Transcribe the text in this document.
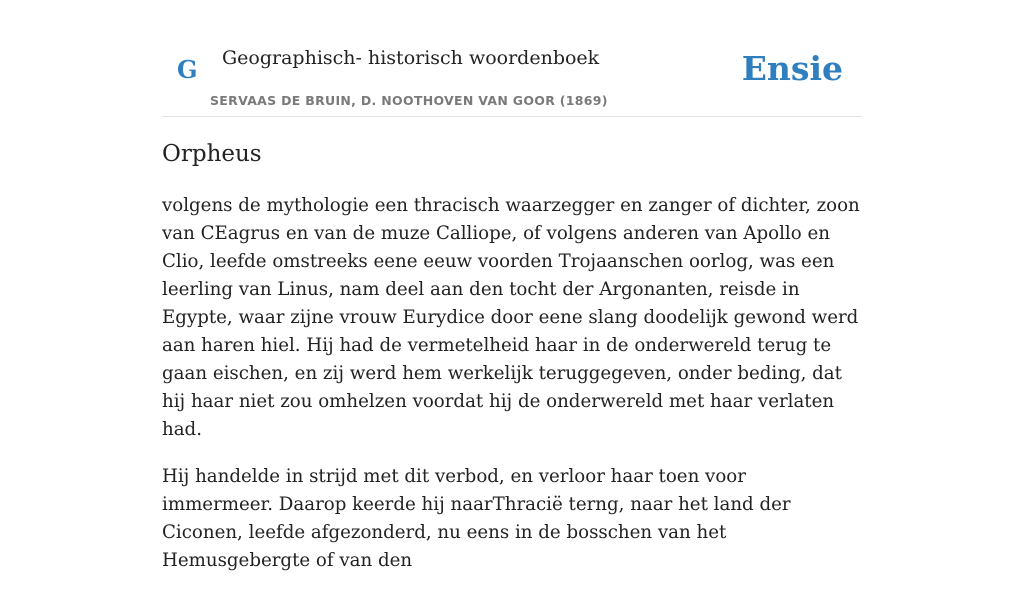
G Geographisch- historisch woordenboek
SERVAAS DE BRUIN, D. NOOTHOVEN VAN GOOR (1869)
Ensie
Orpheus

volgens de mythologie een thracisch waarzegger en zanger of dichter, zoon van CEagrus en van de muze Calliope, of volgens anderen van Apollo en Clio, leefde omstreeks eene eeuw voorden Trojaanschen oorlog, was een leerling van Linus, nam deel aan den tocht der Argonanten, reisde in Egypte, waar zijne vrouw Eurydice door eene slang doodelijk gewond werd aan haren hiel. Hij had de vermetelheid haar in de onderwereld terug te gaan eischen, en zij werd hem werkelijk teruggegeven, onder beding, dat hij haar niet zou omhelzen voordat hij de onderwereld met haar verlaten had.

Hij handelde in strijd met dit verbod, en verloor haar toen voor immermeer. Daarop keerde hij naarThracië terng, naar het land der Ciconen, leefde afgezonderd, nu eens in de bosschen van het Hemusgebergte of van den
